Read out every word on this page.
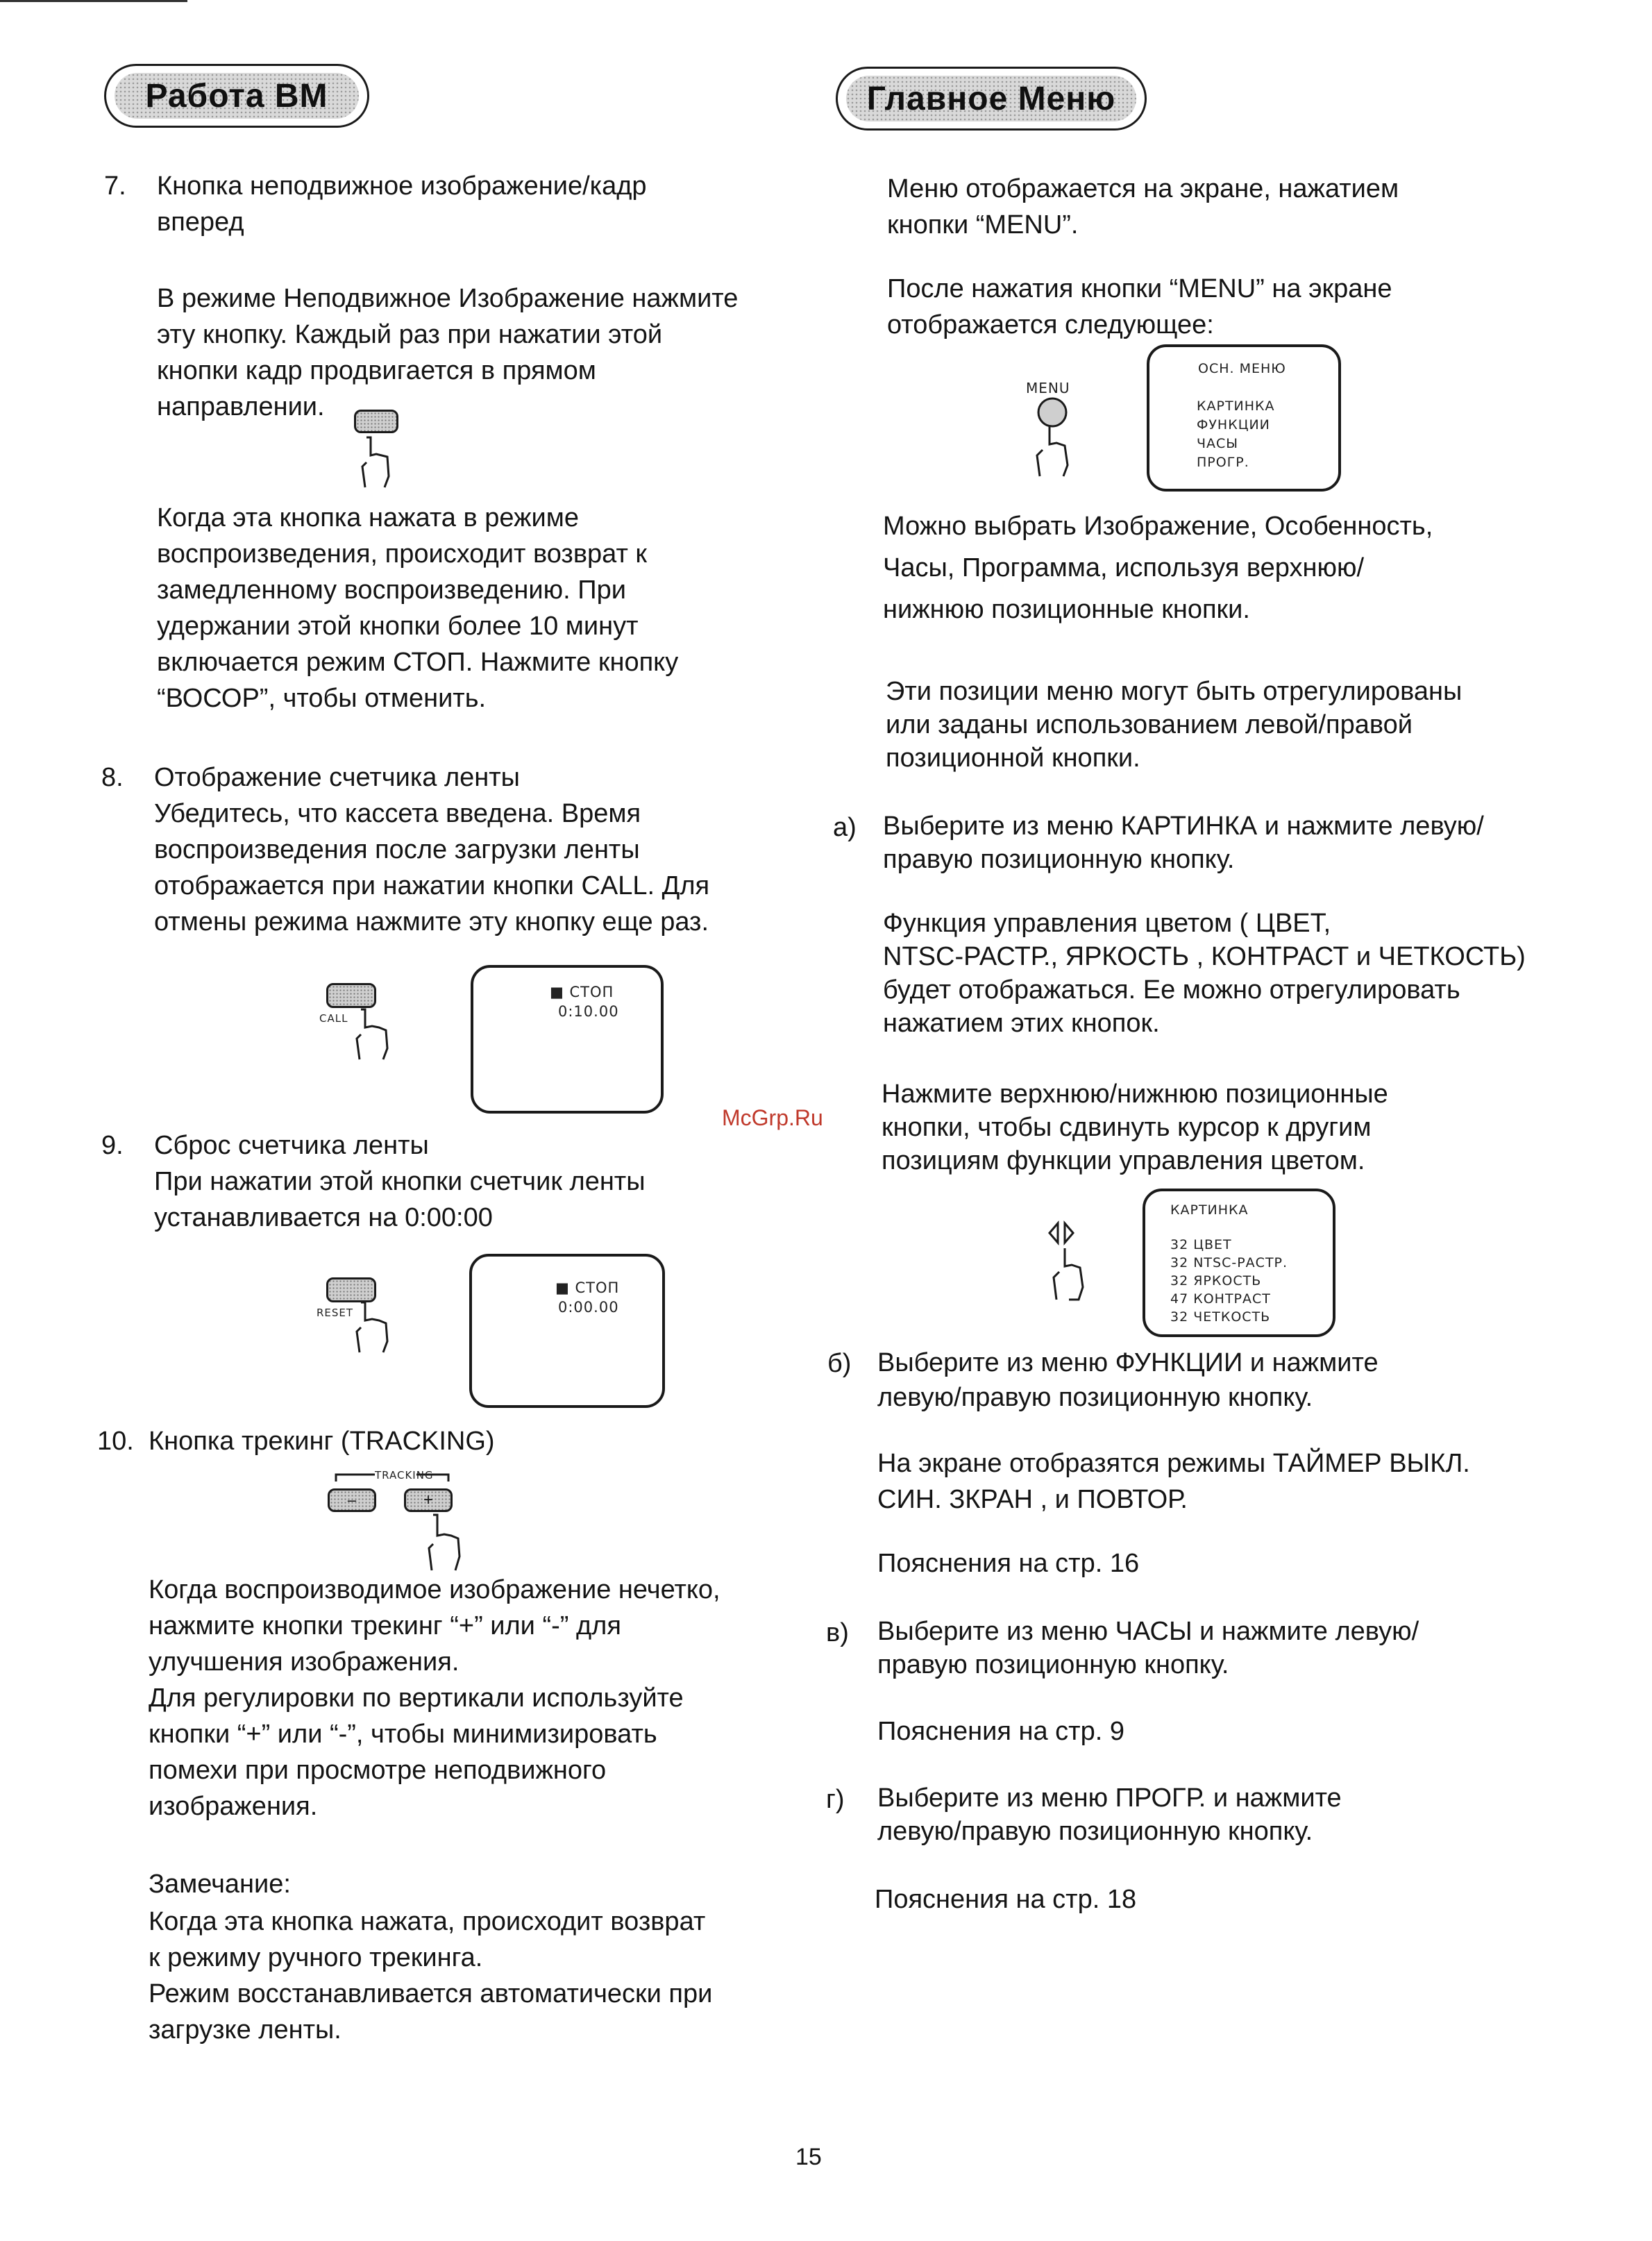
Работа ВМ	Главное Меню
7. Кнопка неподвижное изображение/кадр
вперед
В режиме Неподвижное Изображение нажмите
эту кнопку. Каждый раз при нажатии этой
кнопки кадр продвигается в прямом
направлении.
Когда эта кнопка нажата в режиме
воспроизведения, происходит возврат к
замедленному воспроизведению. При
удержании этой кнопки более 10 минут
включается режим СТОП. Нажмите кнопку
“ВОСОР”, чтобы отменить.
8. Отображение счетчика ленты
Убедитесь, что кассета введена. Время
воспроизведения после загрузки ленты
отображается при нажатии кнопки CALL. Для
отмены режима нажмите эту кнопку еще раз.
CALL
■ СТОП
0:10.00
9. Сброс счетчика ленты
При нажатии этой кнопки счетчик ленты
устанавливается на 0:00:00
RESET
■ СТОП
0:00.00
10. Кнопка трекинг (TRACKING)
TRACKING
–	+
Когда воспроизводимое изображение нечетко,
нажмите кнопки трекинг “+” или “-” для
улучшения изображения.
Для регулировки по вертикали используйте
кнопки “+” или “-”, чтобы минимизировать
помехи при просмотре неподвижного
изображения.
Замечание:
Когда эта кнопка нажата, происходит возврат
к режиму ручного трекинга.
Режим восстанавливается автоматически при
загрузке ленты.
Меню отображается на экране, нажатием
кнопки “MENU”.
После нажатия кнопки “MENU” на экране
отображается следующее:
MENU
ОСН. МЕНЮ
КАРТИНКА
ФУНКЦИИ
ЧАСЫ
ПРОГР.
Можно выбрать Изображение, Особенность,
Часы, Программа, используя верхнюю/
нижнюю позиционные кнопки.
Эти позиции меню могут быть отрегулированы
или заданы использованием левой/правой
позиционной кнопки.
а) Выберите из меню КАРТИНКА и нажмите левую/
правую позиционную кнопку.
Функция управления цветом ( ЦВЕТ,
NTSC-РАСТР., ЯРКОСТЬ , КОНТРАСТ и ЧЕТКОСТЬ)
будет отображаться. Ее можно отрегулировать
нажатием этих кнопок.
Нажмите верхнюю/нижнюю позиционные
кнопки, чтобы сдвинуть курсор к другим
позициям функции управления цветом.
McGrp.Ru
КАРТИНКА
32 ЦВЕТ
32 NTSC-РАСТР.
32 ЯРКОСТЬ
47 КОНТРАСТ
32 ЧЕТКОСТЬ
б) Выберите из меню ФУНКЦИИ и нажмите
левую/правую позиционную кнопку.
На экране отобразятся режимы ТАЙМЕР ВЫКЛ.
СИН. ЗКРАН , и ПОВТОР.
Пояснения на стр. 16
в) Выберите из меню ЧАСЫ и нажмите левую/
правую позиционную кнопку.
Пояснения на стр. 9
г) Выберите из меню ПРОГР. и нажмите
левую/правую позиционную кнопку.
Пояснения на стр. 18
15
